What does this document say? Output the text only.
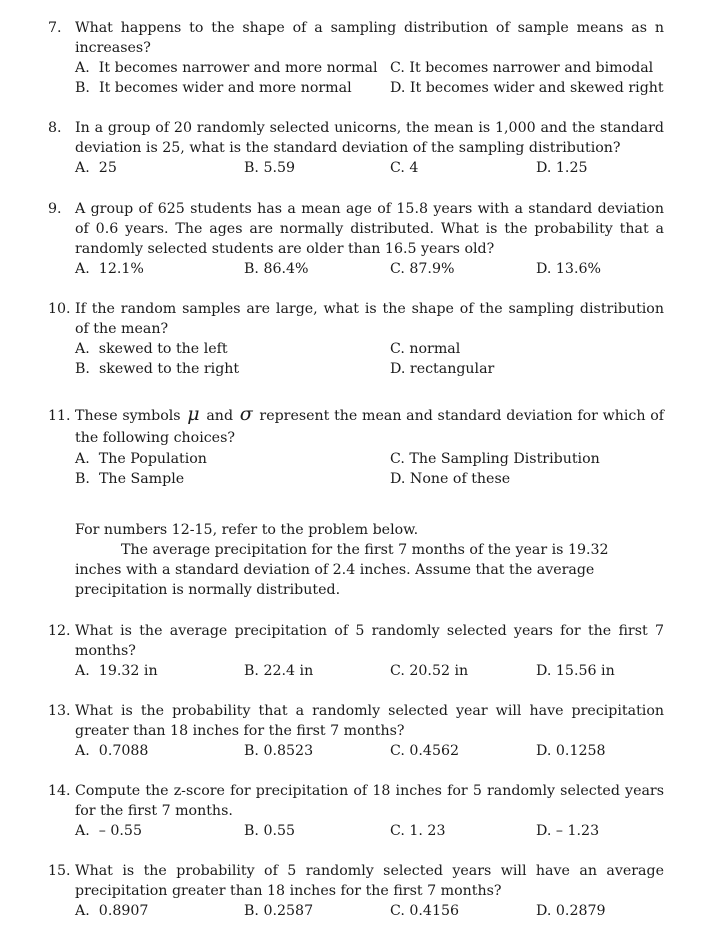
7. What happens to the shape of a sampling distribution of sample means as n increases?
A. It becomes narrower and more normal C. It becomes narrower and bimodal
B. It becomes wider and more normal	D. It becomes wider and skewed right
8. In a group of 20 randomly selected unicorns, the mean is 1,000 and the standard deviation is 25, what is the standard deviation of the sampling distribution?
A. 25	B. 5.59	C. 4	D. 1.25
9. A group of 625 students has a mean age of 15.8 years with a standard deviation of 0.6 years. The ages are normally distributed. What is the probability that a randomly selected students are older than 16.5 years old?
A. 12.1%	B. 86.4%	C. 87.9%	D. 13.6%
10. If the random samples are large, what is the shape of the sampling distribution of the mean?
A. skewed to the left	C. normal
B. skewed to the right	D. rectangular
11. These symbols μ and σ represent the mean and standard deviation for which of the following choices?
A. The Population	C. The Sampling Distribution
B. The Sample	D. None of these
For numbers 12-15, refer to the problem below.
The average precipitation for the first 7 months of the year is 19.32 inches with a standard deviation of 2.4 inches. Assume that the average precipitation is normally distributed.
12. What is the average precipitation of 5 randomly selected years for the first 7 months?
A. 19.32 in	B. 22.4 in	C. 20.52 in	D. 15.56 in
13. What is the probability that a randomly selected year will have precipitation greater than 18 inches for the first 7 months?
A. 0.7088	B. 0.8523	C. 0.4562	D. 0.1258
14. Compute the z-score for precipitation of 18 inches for 5 randomly selected years for the first 7 months.
A. – 0.55	B. 0.55	C. 1. 23	D. – 1.23
15. What is the probability of 5 randomly selected years will have an average precipitation greater than 18 inches for the first 7 months?
A. 0.8907	B. 0.2587	C. 0.4156	D. 0.2879
